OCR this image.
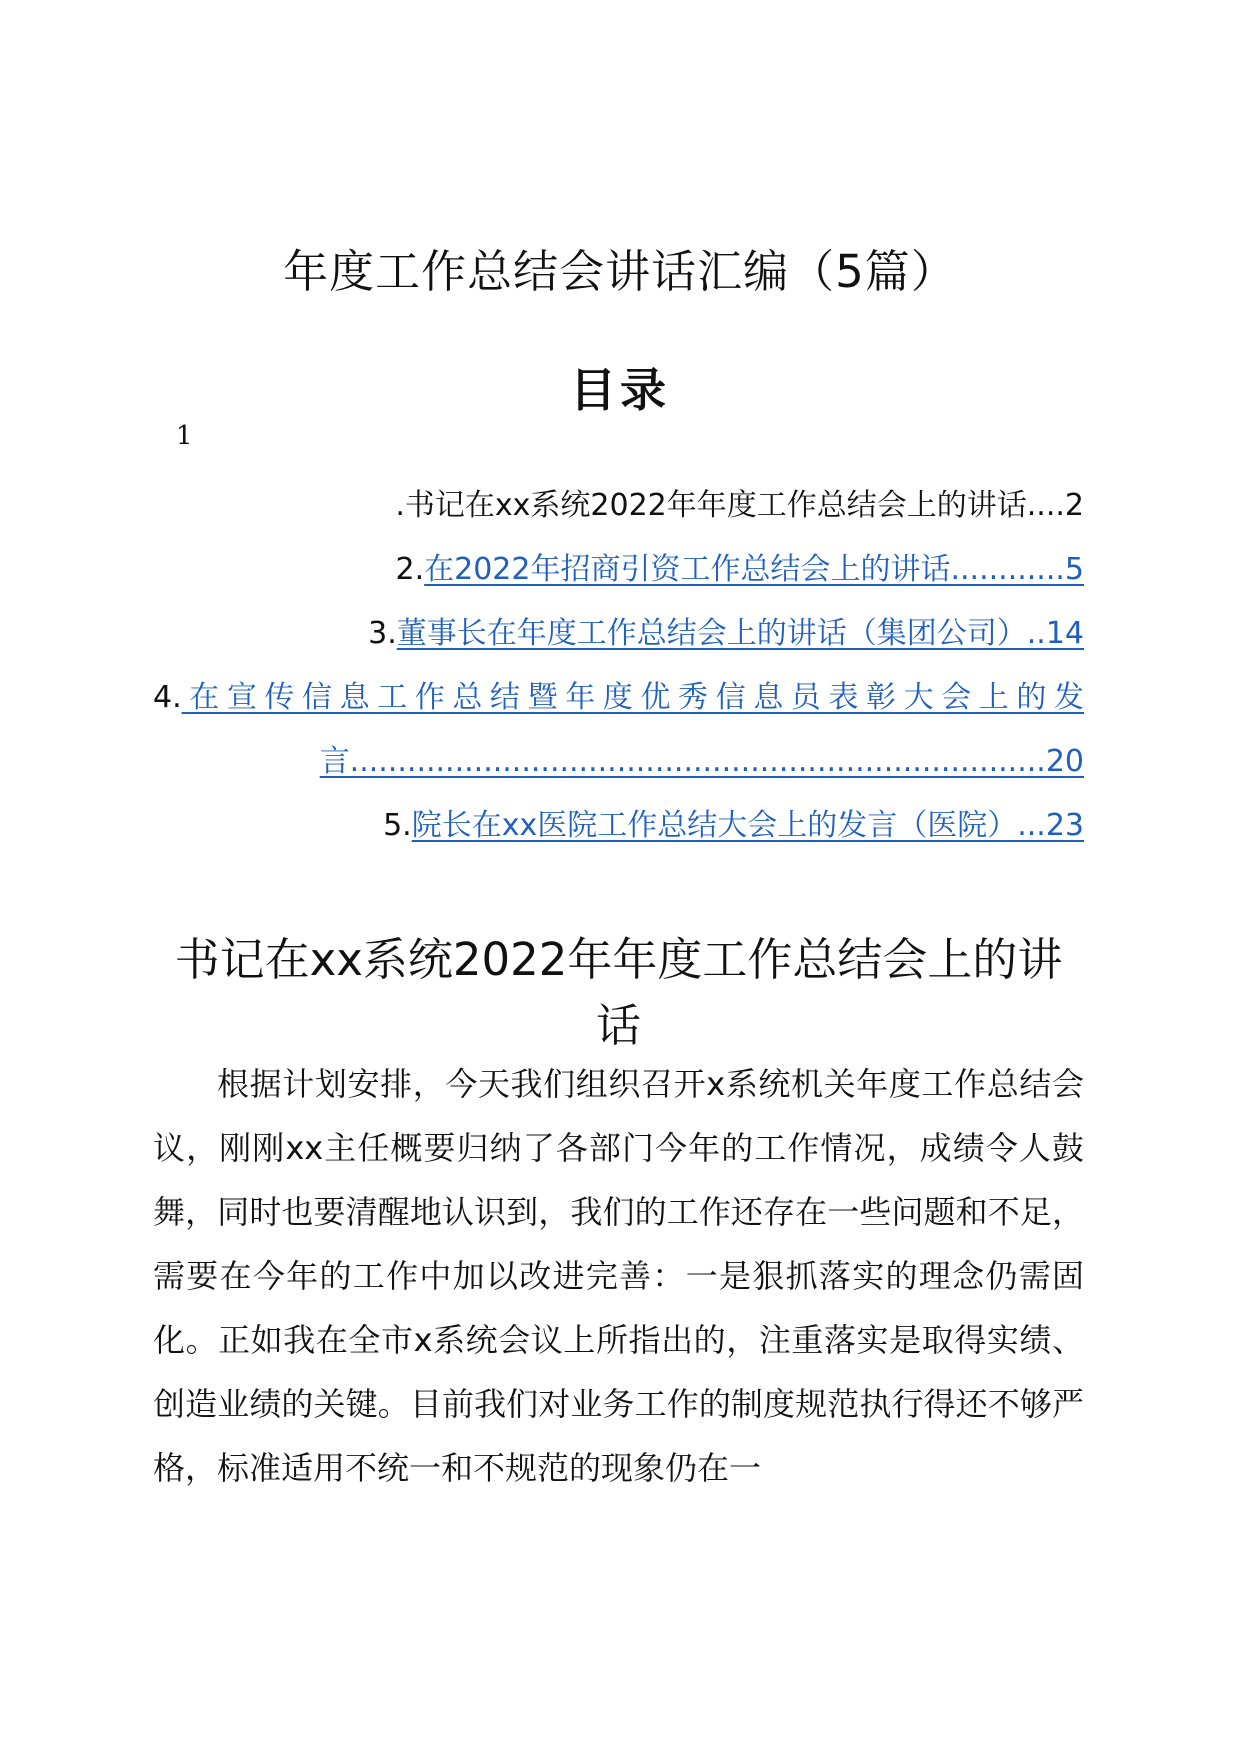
年度工作总结会讲话汇编（5篇）
目录
1
.书记在xx系统2022年年度工作总结会上的讲话....2
2.在2022年招商引资工作总结会上的讲话............5
3.董事长在年度工作总结会上的讲话（集团公司）..14
4.在宣传信息工作总结暨年度优秀信息员表彰大会上的发言.........................................................................20
5.院长在xx医院工作总结大会上的发言（医院）...23
书记在xx系统2022年年度工作总结会上的讲话

根据计划安排，今天我们组织召开x系统机关年度工作总结会议，刚刚xx主任概要归纳了各部门今年的工作情况，成绩令人鼓舞，同时也要清醒地认识到，我们的工作还存在一些问题和不足，需要在今年的工作中加以改进完善：一是狠抓落实的理念仍需固化。正如我在全市x系统会议上所指出的，注重落实是取得实绩、创造业绩的关键。目前我们对业务工作的制度规范执行得还不够严格，标准适用不统一和不规范的现象仍在一
